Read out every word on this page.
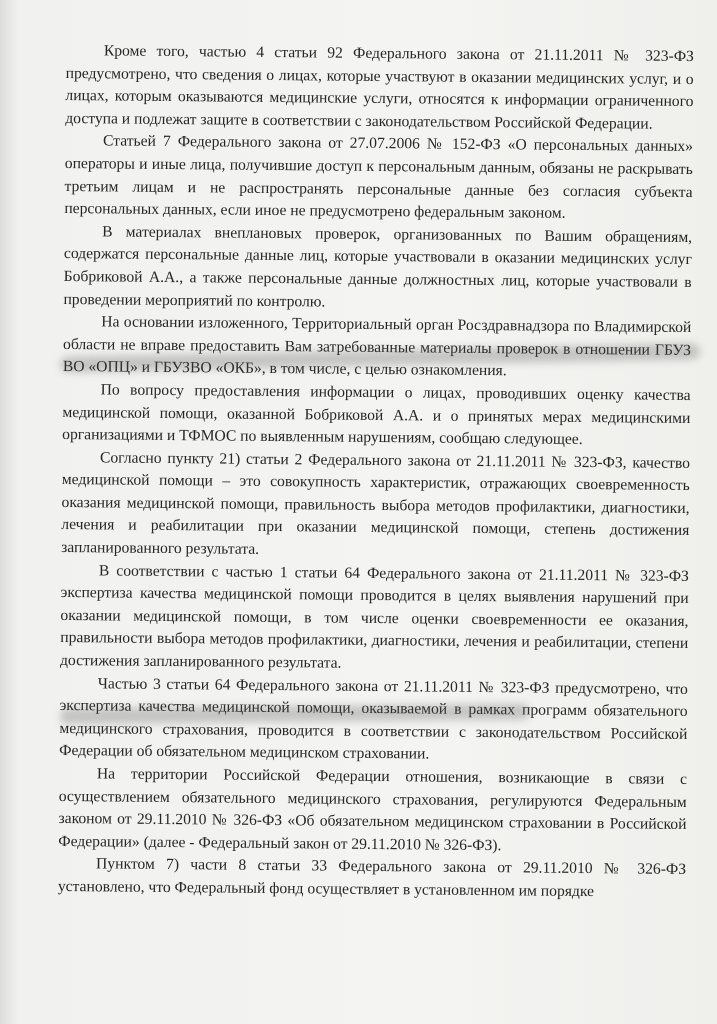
Кроме того, частью 4 статьи 92 Федерального закона от 21.11.2011 № 323-ФЗ предусмотрено, что сведения о лицах, которые участвуют в оказании медицинских услуг, и о лицах, которым оказываются медицинские услуги, относятся к информации ограниченного доступа и подлежат защите в соответствии с законодательством Российской Федерации.

Статьей 7 Федерального закона от 27.07.2006 № 152-ФЗ «О персональных данных» операторы и иные лица, получившие доступ к персональным данным, обязаны не раскрывать третьим лицам и не распространять персональные данные без согласия субъекта персональных данных, если иное не предусмотрено федеральным законом.

В материалах внеплановых проверок, организованных по Вашим обращениям, содержатся персональные данные лиц, которые участвовали в оказании медицинских услуг Бобриковой А.А., а также персональные данные должностных лиц, которые участвовали в проведении мероприятий по контролю.

На основании изложенного, Территориальный орган Росздравнадзора по Владимирской области не вправе предоставить Вам затребованные материалы проверок в отношении ГБУЗ ВО «ОПЦ» и ГБУЗВО «ОКБ», в том числе, с целью ознакомления.

По вопросу предоставления информации о лицах, проводивших оценку качества медицинской помощи, оказанной Бобриковой А.А. и о принятых мерах медицинскими организациями и ТФМОС по выявленным нарушениям, сообщаю следующее.

Согласно пункту 21) статьи 2 Федерального закона от 21.11.2011 № 323-ФЗ, качество медицинской помощи – это совокупность характеристик, отражающих своевременность оказания медицинской помощи, правильность выбора методов профилактики, диагностики, лечения и реабилитации при оказании медицинской помощи, степень достижения запланированного результата.

В соответствии с частью 1 статьи 64 Федерального закона от 21.11.2011 № 323-ФЗ экспертиза качества медицинской помощи проводится в целях выявления нарушений при оказании медицинской помощи, в том числе оценки своевременности ее оказания, правильности выбора методов профилактики, диагностики, лечения и реабилитации, степени достижения запланированного результата.

Частью 3 статьи 64 Федерального закона от 21.11.2011 № 323-ФЗ предусмотрено, что экспертиза качества медицинской помощи, оказываемой в рамках программ обязательного медицинского страхования, проводится в соответствии с законодательством Российской Федерации об обязательном медицинском страховании.

На территории Российской Федерации отношения, возникающие в связи с осуществлением обязательного медицинского страхования, регулируются Федеральным законом от 29.11.2010 № 326-ФЗ «Об обязательном медицинском страховании в Российской Федерации» (далее - Федеральный закон от 29.11.2010 № 326-ФЗ).

Пунктом 7) части 8 статьи 33 Федерального закона от 29.11.2010 № 326-ФЗ установлено, что Федеральный фонд осуществляет в установленном им порядке
